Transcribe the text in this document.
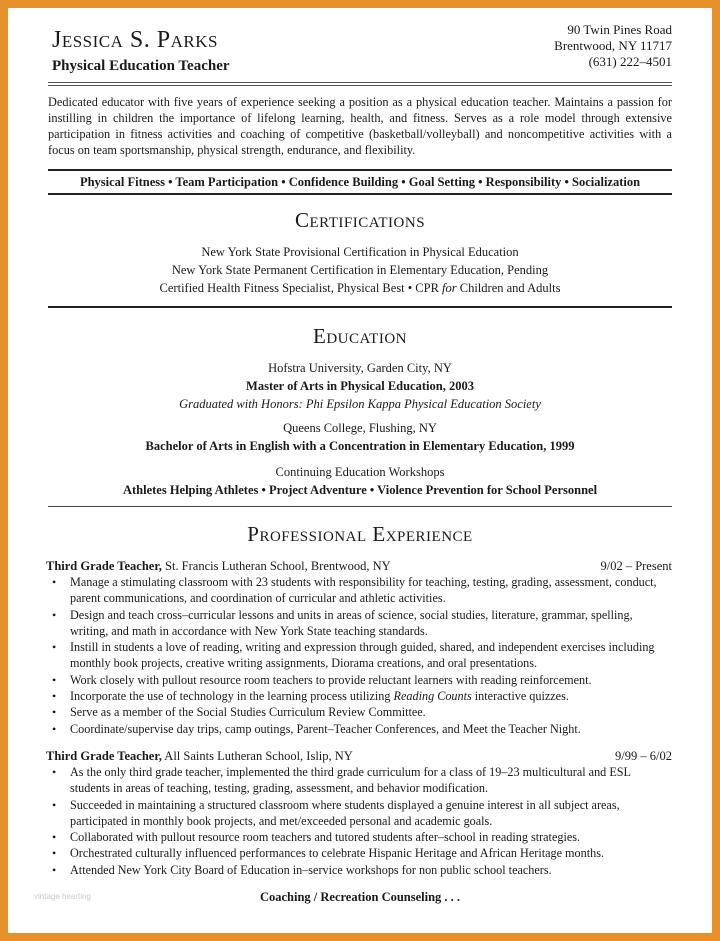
Jessica S. Parks
Physical Education Teacher
90 Twin Pines Road
Brentwood, NY 11717
(631) 222–4501
Dedicated educator with five years of experience seeking a position as a physical education teacher. Maintains a passion for instilling in children the importance of lifelong learning, health, and fitness. Serves as a role model through extensive participation in fitness activities and coaching of competitive (basketball/volleyball) and noncompetitive activities with a focus on team sportsmanship, physical strength, endurance, and flexibility.
Physical Fitness • Team Participation • Confidence Building • Goal Setting • Responsibility • Socialization
Certifications
New York State Provisional Certification in Physical Education
New York State Permanent Certification in Elementary Education, Pending
Certified Health Fitness Specialist, Physical Best • CPR for Children and Adults
Education
Hofstra University, Garden City, NY
Master of Arts in Physical Education, 2003
Graduated with Honors: Phi Epsilon Kappa Physical Education Society
Queens College, Flushing, NY
Bachelor of Arts in English with a Concentration in Elementary Education, 1999
Continuing Education Workshops
Athletes Helping Athletes • Project Adventure • Violence Prevention for School Personnel
Professional Experience
Third Grade Teacher, St. Francis Lutheran School, Brentwood, NY	9/02 – Present
• Manage a stimulating classroom with 23 students with responsibility for teaching, testing, grading, assessment, conduct, parent communications, and coordination of curricular and athletic activities.
• Design and teach cross–curricular lessons and units in areas of science, social studies, literature, grammar, spelling, writing, and math in accordance with New York State teaching standards.
• Instill in students a love of reading, writing and expression through guided, shared, and independent exercises including monthly book projects, creative writing assignments, Diorama creations, and oral presentations.
• Work closely with pullout resource room teachers to provide reluctant learners with reading reinforcement.
• Incorporate the use of technology in the learning process utilizing Reading Counts interactive quizzes.
• Serve as a member of the Social Studies Curriculum Review Committee.
• Coordinate/supervise day trips, camp outings, Parent–Teacher Conferences, and Meet the Teacher Night.
Third Grade Teacher, All Saints Lutheran School, Islip, NY	9/99 – 6/02
• As the only third grade teacher, implemented the third grade curriculum for a class of 19–23 multicultural and ESL students in areas of teaching, testing, grading, assessment, and behavior modification.
• Succeeded in maintaining a structured classroom where students displayed a genuine interest in all subject areas, participated in monthly book projects, and met/exceeded personal and academic goals.
• Collaborated with pullout resource room teachers and tutored students after–school in reading strategies.
• Orchestrated culturally influenced performances to celebrate Hispanic Heritage and African Heritage months.
• Attended New York City Board of Education in–service workshops for non public school teachers.
Coaching / Recreation Counseling . . .
vintage hearting
